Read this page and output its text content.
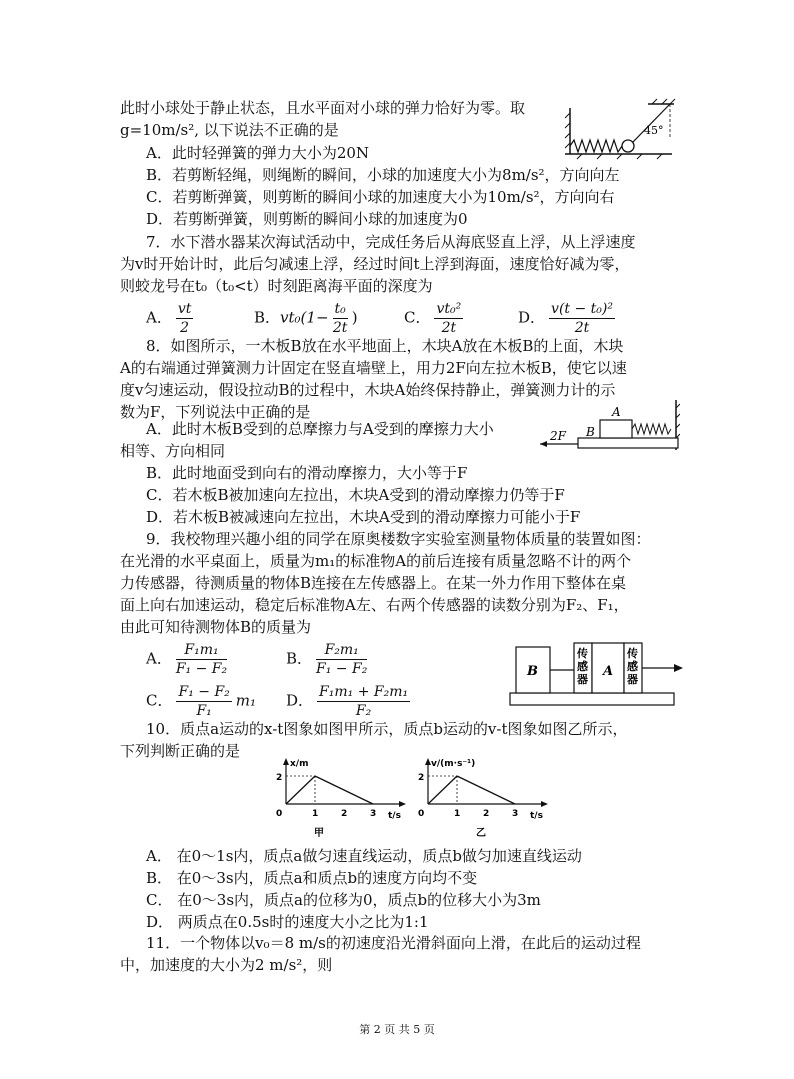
此时小球处于静止状态，且水平面对小球的弹力恰好为零。取
g=10m/s², 以下说法不正确的是	45°
A．此时轻弹簧的弹力大小为20N
B．若剪断轻绳，则绳断的瞬间，小球的加速度大小为8m/s²，方向向左
C．若剪断弹簧，则剪断的瞬间小球的加速度大小为10m/s²，方向向右
D．若剪断弹簧，则剪断的瞬间小球的加速度为0
7．水下潜水器某次海试活动中，完成任务后从海底竖直上浮，从上浮速度
为v时开始计时，此后匀减速上浮，经过时间t上浮到海面，速度恰好减为零，
则蛟龙号在t₀（t₀<t）时刻距离海平面的深度为
A． $\frac{vt}{2}$	B．$vt_0(1- \frac{\text{t₀}}{2t}$ )	C． $\frac{\text{vt₀²}}{2t}$	D． $\frac{\text{v(t − t₀)²}}{2t}$
8．如图所示，一木板B放在水平地面上，木块A放在木板B的上面，木块
A的右端通过弹簧测力计固定在竖直墙壁上，用力2F向左拉木板B，使它以速
度v匀速运动，假设拉动B的过程中，木块A始终保持静止，弹簧测力计的示
数为F，下列说法中正确的是
A．此时木板B受到的总摩擦力与A受到的摩擦力大小
相等、方向相同
2F
A
B
B．此时地面受到向右的滑动摩擦力，大小等于F
C．若木板B被加速向左拉出，木块A受到的滑动摩擦力仍等于F
D．若木板B被减速向左拉出，木块A受到的滑动摩擦力可能小于F
9．我校物理兴趣小组的同学在原奥楼数字实验室测量物体质量的装置如图：
在光滑的水平桌面上，质量为m₁的标准物A的前后连接有质量忽略不计的两个
力传感器，待测质量的物体B连接在左传感器上。在某一外力作用下整体在桌
面上向右加速运动，稳定后标准物A左、右两个传感器的读数分别为F₂、F₁，
由此可知待测物体B的质量为
A． $\frac{\text{F₁m₁}}{\text{F₁ − F₂}}$	B． $\frac{\text{F₂m₁}}{\text{F₁ − F₂}}$
C． $\frac{\text{F₁ − F₂}}{\text{F₁}} m_1$ D． $\frac{\text{F₁m₁ + F₂m₁}}{\text{F₂}}$
B
传感器
A
传感器
10．质点a运动的x-t图象如图甲所示，质点b运动的v-t图象如图乙所示，
下列判断正确的是
x/m
2
0	1	2	3 t/s
甲
v/(m·s⁻¹)
2
0	1	2	3 t/s
乙
A． 在0～1s内，质点a做匀速直线运动，质点b做匀加速直线运动
B． 在0～3s内，质点a和质点b的速度方向均不变
C． 在0～3s内，质点a的位移为0，质点b的位移大小为3m
D． 两质点在0.5s时的速度大小之比为1:1
11．一个物体以v₀＝8 m/s的初速度沿光滑斜面向上滑，在此后的运动过程
中，加速度的大小为2 m/s²，则
第 2 页 共 5 页
